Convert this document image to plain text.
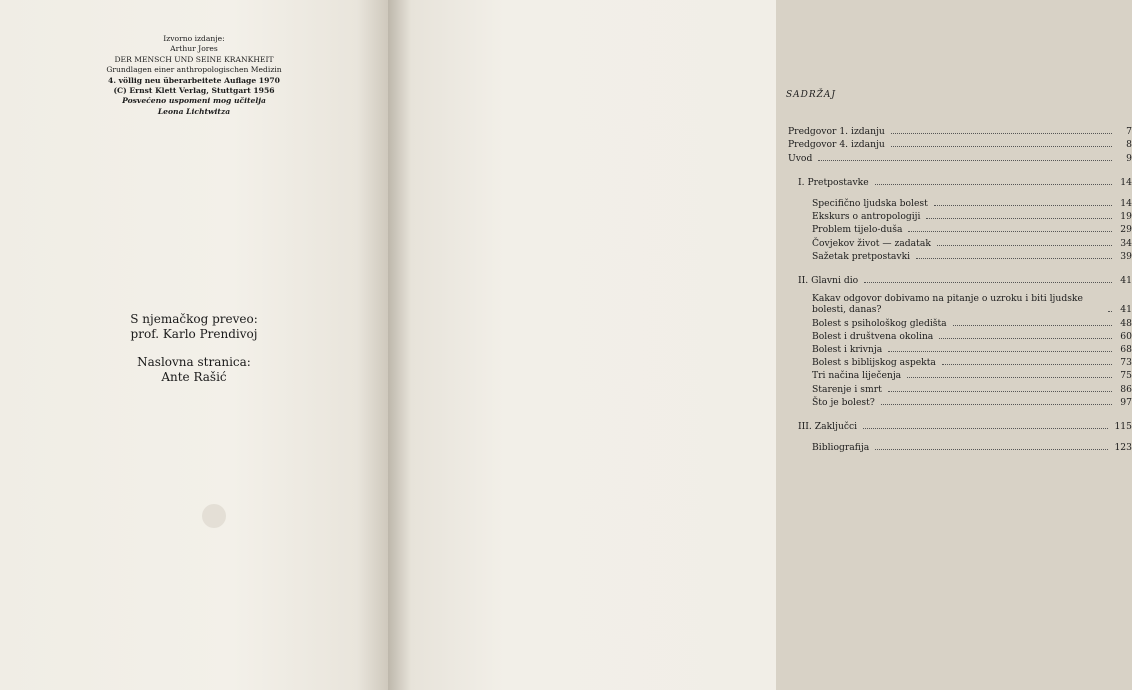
Izvorno izdanje:
Arthur Jores
DER MENSCH UND SEINE KRANKHEIT
Grundlagen einer anthropologischen Medizin
4. völlig neu überarbeitete Auflage 1970
(C) Ernst Klett Verlag, Stuttgart 1956
Posvećeno uspomeni mog učitelja
Leona Lichtwitza
S njemačkog preveo:
prof. Karlo Prendivoj
Naslovna stranica:
Ante Rašić
SADRŽAJ
Predgovor 1. izdanju	7
Predgovor 4. izdanju	8
Uvod	9
I. Pretpostavke	14
Specifično ljudska bolest	14
Ekskurs o antropologiji	19
Problem tijelo-duša	29
Čovjekov život — zadatak	34
Sažetak pretpostavki	39
II. Glavni dio	41
Kakav odgovor dobivamo na pitanje o uzroku i biti ljudske bolesti, danas?	41
Bolest s psihološkog gledišta	48
Bolest i društvena okolina	60
Bolest i krivnja	68
Bolest s biblijskog aspekta	73
Tri načina liječenja	75
Starenje i smrt	86
Što je bolest?	97
III. Zaključci	115
Bibliografija	123
